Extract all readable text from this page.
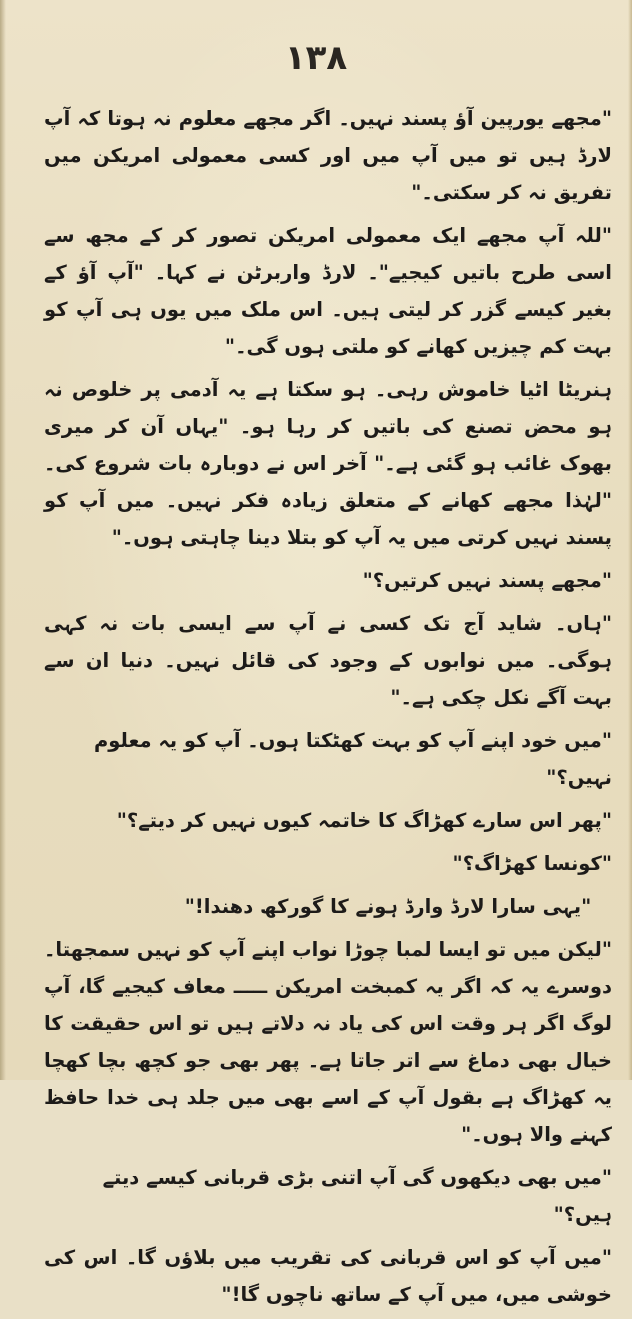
۱۳۸

"مجھے یورپین آؤ پسند نہیں۔ اگر مجھے معلوم نہ ہوتا کہ آپ لارڈ ہیں تو میں آپ میں اور کسی معمولی امریکن میں تفریق نہ کر سکتی۔"

"للہ آپ مجھے ایک معمولی امریکن تصور کر کے مجھ سے اسی طرح باتیں کیجیے"۔ لارڈ واربرٹن نے کہا۔ "آپ آؤ کے بغیر کیسے گزر کر لیتی ہیں۔ اس ملک میں یوں ہی آپ کو بہت کم چیزیں کھانے کو ملتی ہوں گی۔"

ہنریٹا اٹیا خاموش رہی۔ ہو سکتا ہے یہ آدمی پر خلوص نہ ہو محض تصنع کی باتیں کر رہا ہو۔ "یہاں آن کر میری بھوک غائب ہو گئی ہے۔" آخر اس نے دوبارہ بات شروع کی۔ "لہٰذا مجھے کھانے کے متعلق زیادہ فکر نہیں۔ میں آپ کو پسند نہیں کرتی میں یہ آپ کو بتلا دینا چاہتی ہوں۔"

"مجھے پسند نہیں کرتیں؟"

"ہاں۔ شاید آج تک کسی نے آپ سے ایسی بات نہ کہی ہوگی۔ میں نوابوں کے وجود کی قائل نہیں۔ دنیا ان سے بہت آگے نکل چکی ہے۔"

"میں خود اپنے آپ کو بہت کھٹکتا ہوں۔ آپ کو یہ معلوم نہیں؟"

"پھر اس سارے کھڑاگ کا خاتمہ کیوں نہیں کر دیتے؟"

"کونسا کھڑاگ؟"

"یہی سارا لارڈ وارڈ ہونے کا گورکھ دھندا!"

"لیکن میں تو ایسا لمبا چوڑا نواب اپنے آپ کو نہیں سمجھتا۔ دوسرے یہ کہ اگر یہ کمبخت امریکن ـــــ معاف کیجیے گا، آپ لوگ اگر ہر وقت اس کی یاد نہ دلاتے ہیں تو اس حقیقت کا خیال بھی دماغ سے اتر جاتا ہے۔ پھر بھی جو کچھ بچا کھچا یہ کھڑاگ ہے بقول آپ کے اسے بھی میں جلد ہی خدا حافظ کہنے والا ہوں۔"

"میں بھی دیکھوں گی آپ اتنی بڑی قربانی کیسے دیتے ہیں؟"

"میں آپ کو اس قربانی کی تقریب میں بلاؤں گا۔ اس کی خوشی میں، میں آپ کے ساتھ ناچوں گا!"
